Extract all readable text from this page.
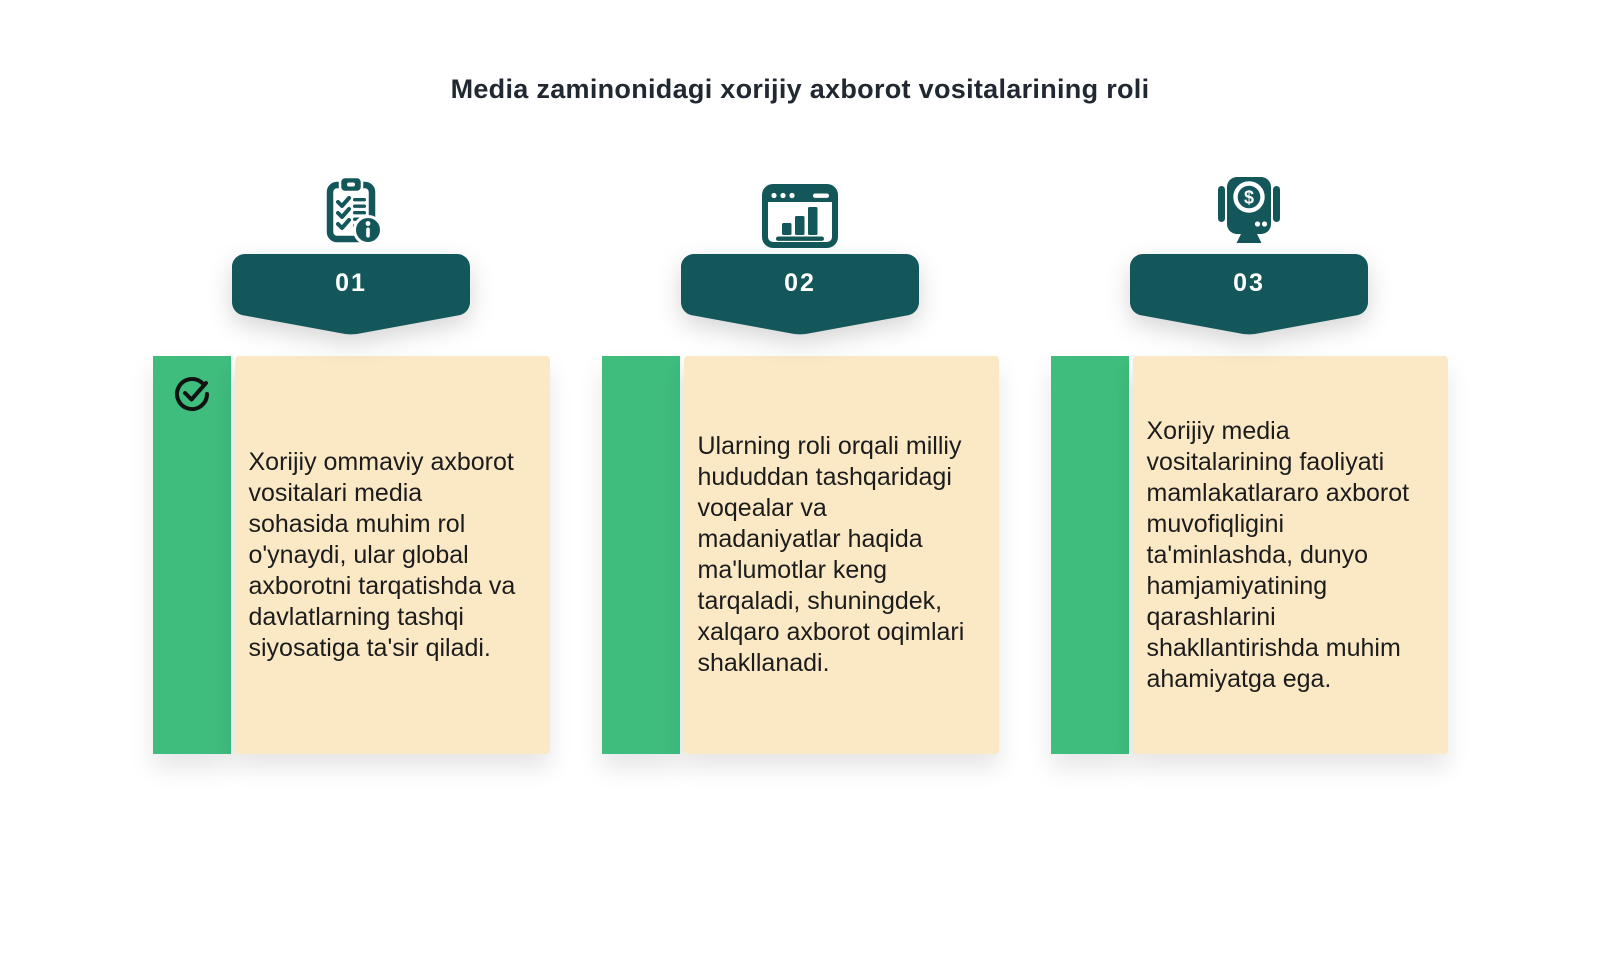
Media zaminonidagi xorijiy axborot vositalarining roli
01

Xorijiy ommaviy axborot vositalari media sohasida muhim rol o'ynaydi, ular global axborotni tarqatishda va davlatlarning tashqi siyosatiga ta'sir qiladi.

02

Ularning roli orqali milliy hududdan tashqaridagi voqealar va madaniyatlar haqida ma'lumotlar keng tarqaladi, shuningdek, xalqaro axborot oqimlari shakllanadi.

$
03

Xorijiy media vositalarining faoliyati mamlakatlararo axborot muvofiqligini ta'minlashda, dunyo hamjamiyatining qarashlarini shakllantirishda muhim ahamiyatga ega.
